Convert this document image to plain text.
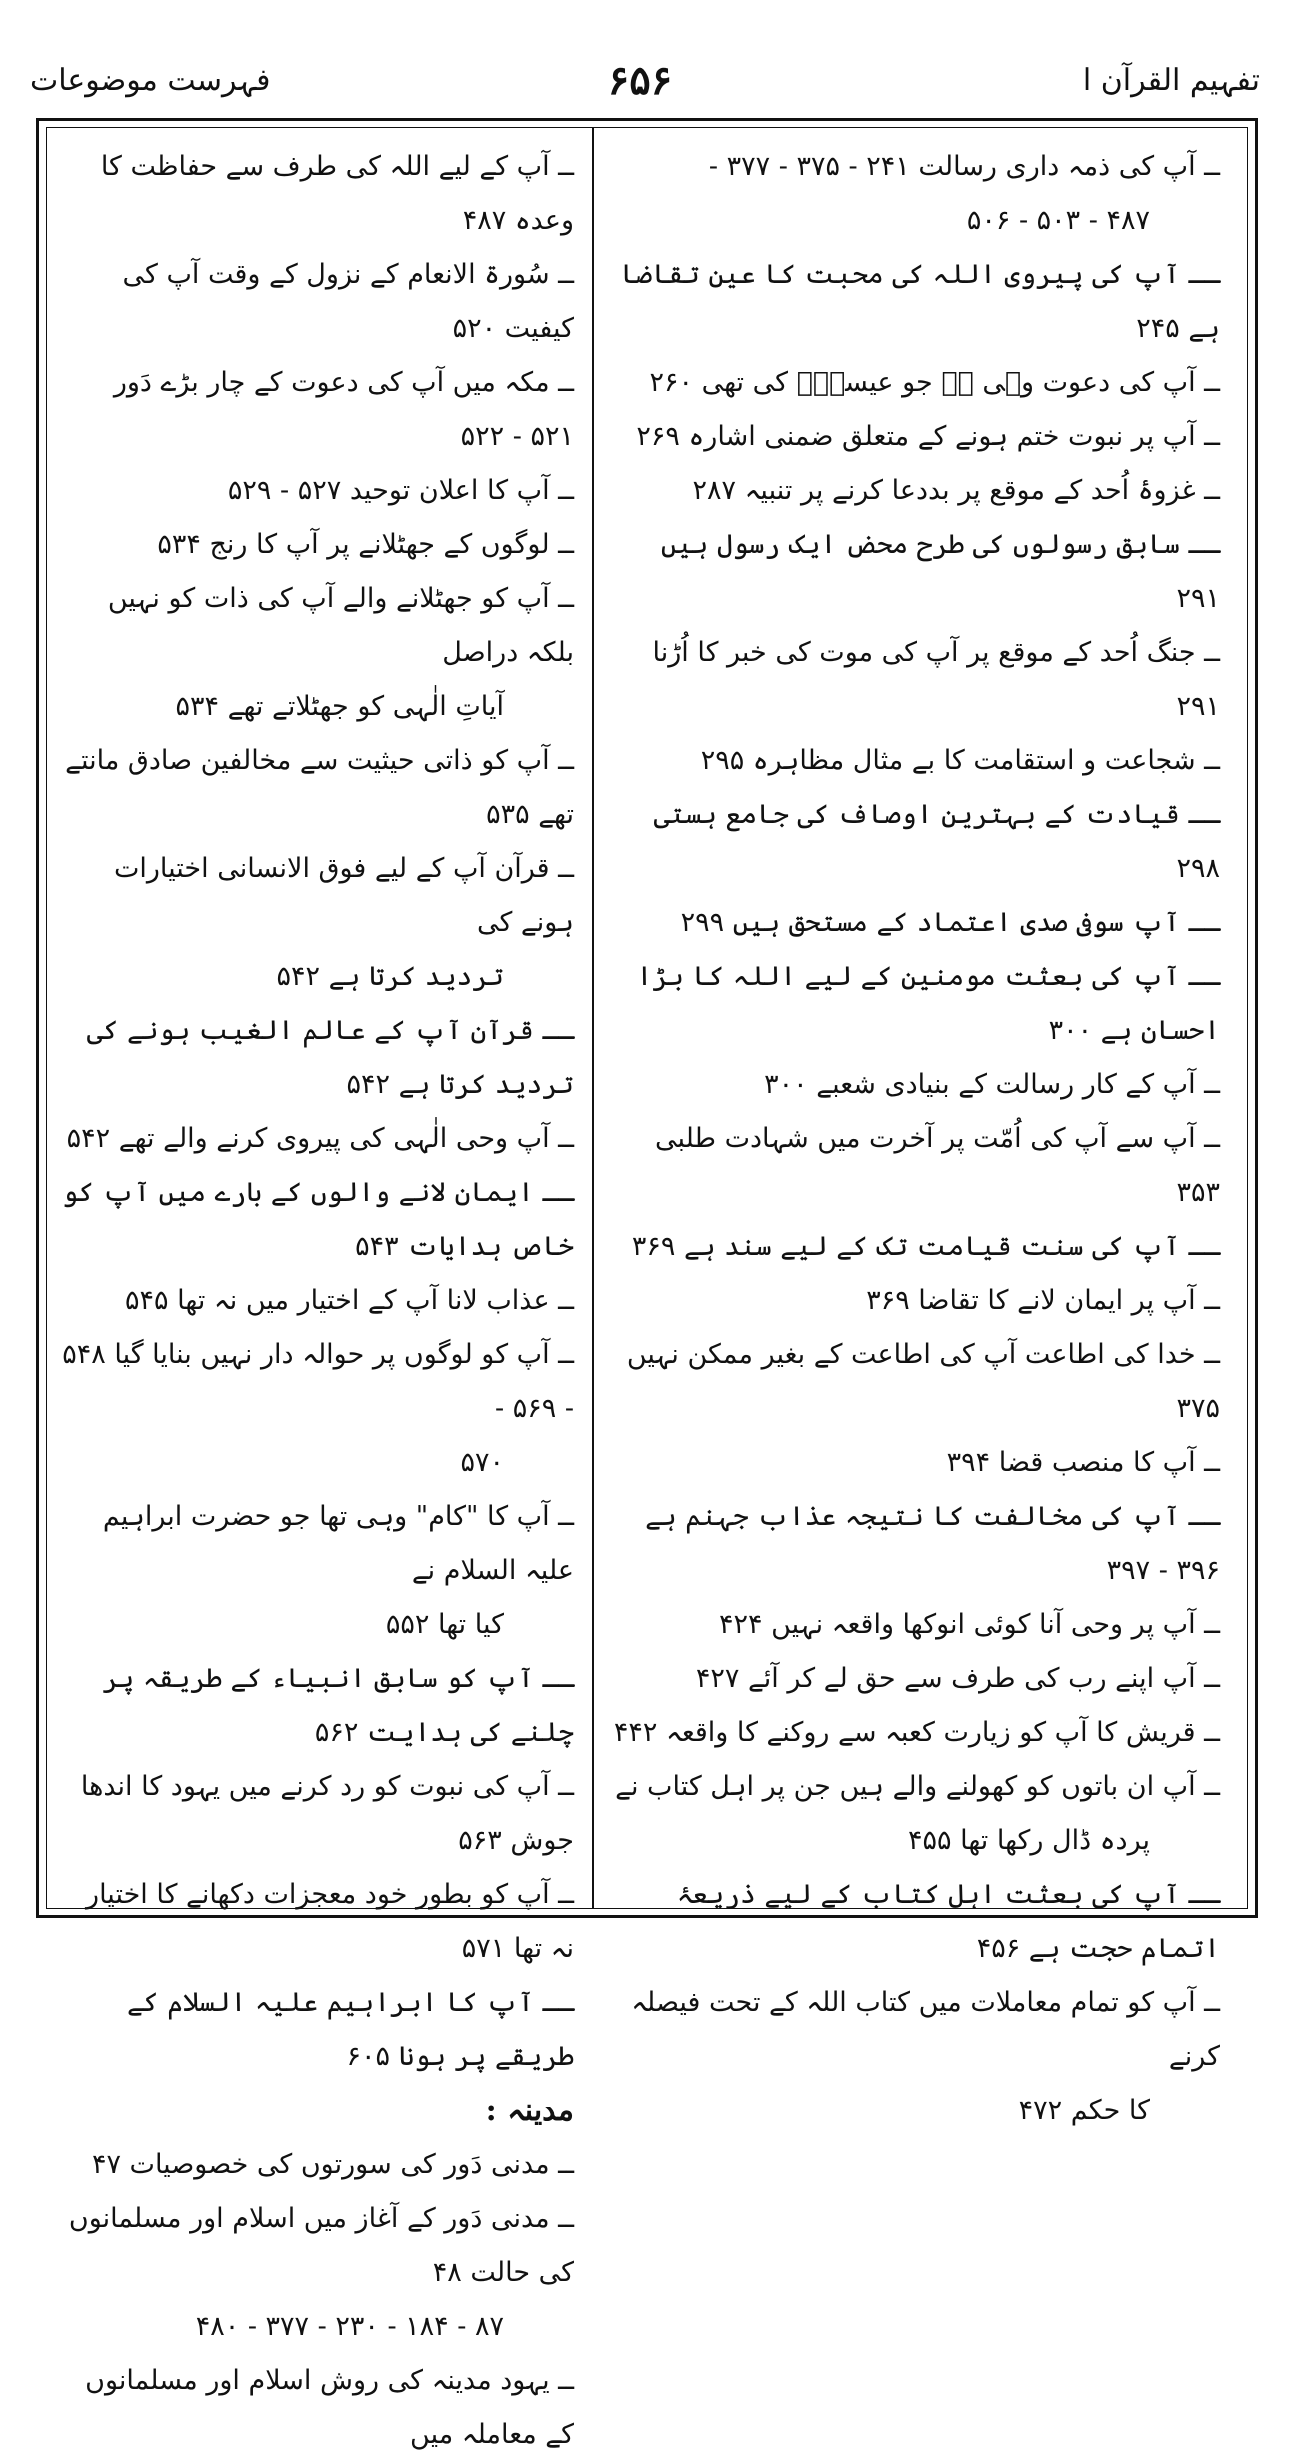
تفہیم القرآن ا
۶۵۶
فہرست موضوعات
ــ آپ کی ذمہ داری رسالت ۲۴۱ - ۳۷۵ - ۳۷۷ -
۴۸۷ - ۵۰۳ - ۵۰۶
ــ آپ کی پیروی اللہ کی محبت کا عین تقاضا ہے ۲۴۵
ــ آپ کی دعوت وہی ہے جو عیسیٰؑ کی تھی ۲۶۰
ــ آپ پر نبوت ختم ہونے کے متعلق ضمنی اشارہ ۲۶۹
ــ غزوۂ اُحد کے موقع پر بددعا کرنے پر تنبیہ ۲۸۷
ــ سابق رسولوں کی طرح محض ایک رسول ہیں ۲۹۱
ــ جنگ اُحد کے موقع پر آپ کی موت کی خبر کا اُڑنا ۲۹۱
ــ شجاعت و استقامت کا بے مثال مظاہرہ ۲۹۵
ــ قیادت کے بہترین اوصاف کی جامع ہستی ۲۹۸
ــ آپ سوفی صدی اعتماد کے مستحق ہیں ۲۹۹
ــ آپ کی بعثت مومنین کے لیے اللہ کا بڑا احسان ہے ۳۰۰
ــ آپ کے کار رسالت کے بنیادی شعبے ۳۰۰
ــ آپ سے آپ کی اُمّت پر آخرت میں شہادت طلبی ۳۵۳
ــ آپ کی سنت قیامت تک کے لیے سند ہے ۳۶۹
ــ آپ پر ایمان لانے کا تقاضا ۳۶۹
ــ خدا کی اطاعت آپ کی اطاعت کے بغیر ممکن نہیں ۳۷۵
ــ آپ کا منصب قضا ۳۹۴
ــ آپ کی مخالفت کا نتیجہ عذاب جہنم ہے ۳۹۶ - ۳۹۷
ــ آپ پر وحی آنا کوئی انوکھا واقعہ نہیں ۴۲۴
ــ آپ اپنے رب کی طرف سے حق لے کر آئے ۴۲۷
ــ قریش کا آپ کو زیارت کعبہ سے روکنے کا واقعہ ۴۴۲
ــ آپ ان باتوں کو کھولنے والے ہیں جن پر اہل کتاب نے
پردہ ڈال رکھا تھا ۴۵۵
ــ آپ کی بعثت اہل کتاب کے لیے ذریعۂ اتمام حجت ہے ۴۵۶
ــ آپ کو تمام معاملات میں کتاب اللہ کے تحت فیصلہ کرنے
کا حکم ۴۷۲
ــ آپ کے لیے اللہ کی طرف سے حفاظت کا وعدہ ۴۸۷
ــ سُورۃ الانعام کے نزول کے وقت آپ کی کیفیت ۵۲۰
ــ مکہ میں آپ کی دعوت کے چار بڑے دَور ۵۲۱ - ۵۲۲
ــ آپ کا اعلان توحید ۵۲۷ - ۵۲۹
ــ لوگوں کے جھٹلانے پر آپ کا رنج ۵۳۴
ــ آپ کو جھٹلانے والے آپ کی ذات کو نہیں بلکہ دراصل
آیاتِ الٰہی کو جھٹلاتے تھے ۵۳۴
ــ آپ کو ذاتی حیثیت سے مخالفین صادق مانتے تھے ۵۳۵
ــ قرآن آپ کے لیے فوق الانسانی اختیارات ہونے کی
تردید کرتا ہے ۵۴۲
ــ قرآن آپ کے عالم الغیب ہونے کی تردید کرتا ہے ۵۴۲
ــ آپ وحی الٰہی کی پیروی کرنے والے تھے ۵۴۲
ــ ایمان لانے والوں کے بارے میں آپ کو خاص ہدایات ۵۴۳
ــ عذاب لانا آپ کے اختیار میں نہ تھا ۵۴۵
ــ آپ کو لوگوں پر حوالہ دار نہیں بنایا گیا ۵۴۸ - ۵۶۹ -
۵۷۰
ــ آپ کا "کام" وہی تھا جو حضرت ابراہیم علیہ السلام نے
کیا تھا ۵۵۲
ــ آپ کو سابق انبیاء کے طریقہ پر چلنے کی ہدایت ۵۶۲
ــ آپ کی نبوت کو رد کرنے میں یہود کا اندھا جوش ۵۶۳
ــ آپ کو بطور خود معجزات دکھانے کا اختیار نہ تھا ۵۷۱
ــ آپ کا ابراہیم علیہ السلام کے طریقے پر ہونا ۶۰۵
مدینہ :
ــ مدنی دَور کی سورتوں کی خصوصیات ۴۷
ــ مدنی دَور کے آغاز میں اسلام اور مسلمانوں کی حالت ۴۸
۸۷ - ۱۸۴ - ۲۳۰ - ۳۷۷ - ۴۸۰
ــ یہود مدینہ کی روش اسلام اور مسلمانوں کے معاملہ میں
